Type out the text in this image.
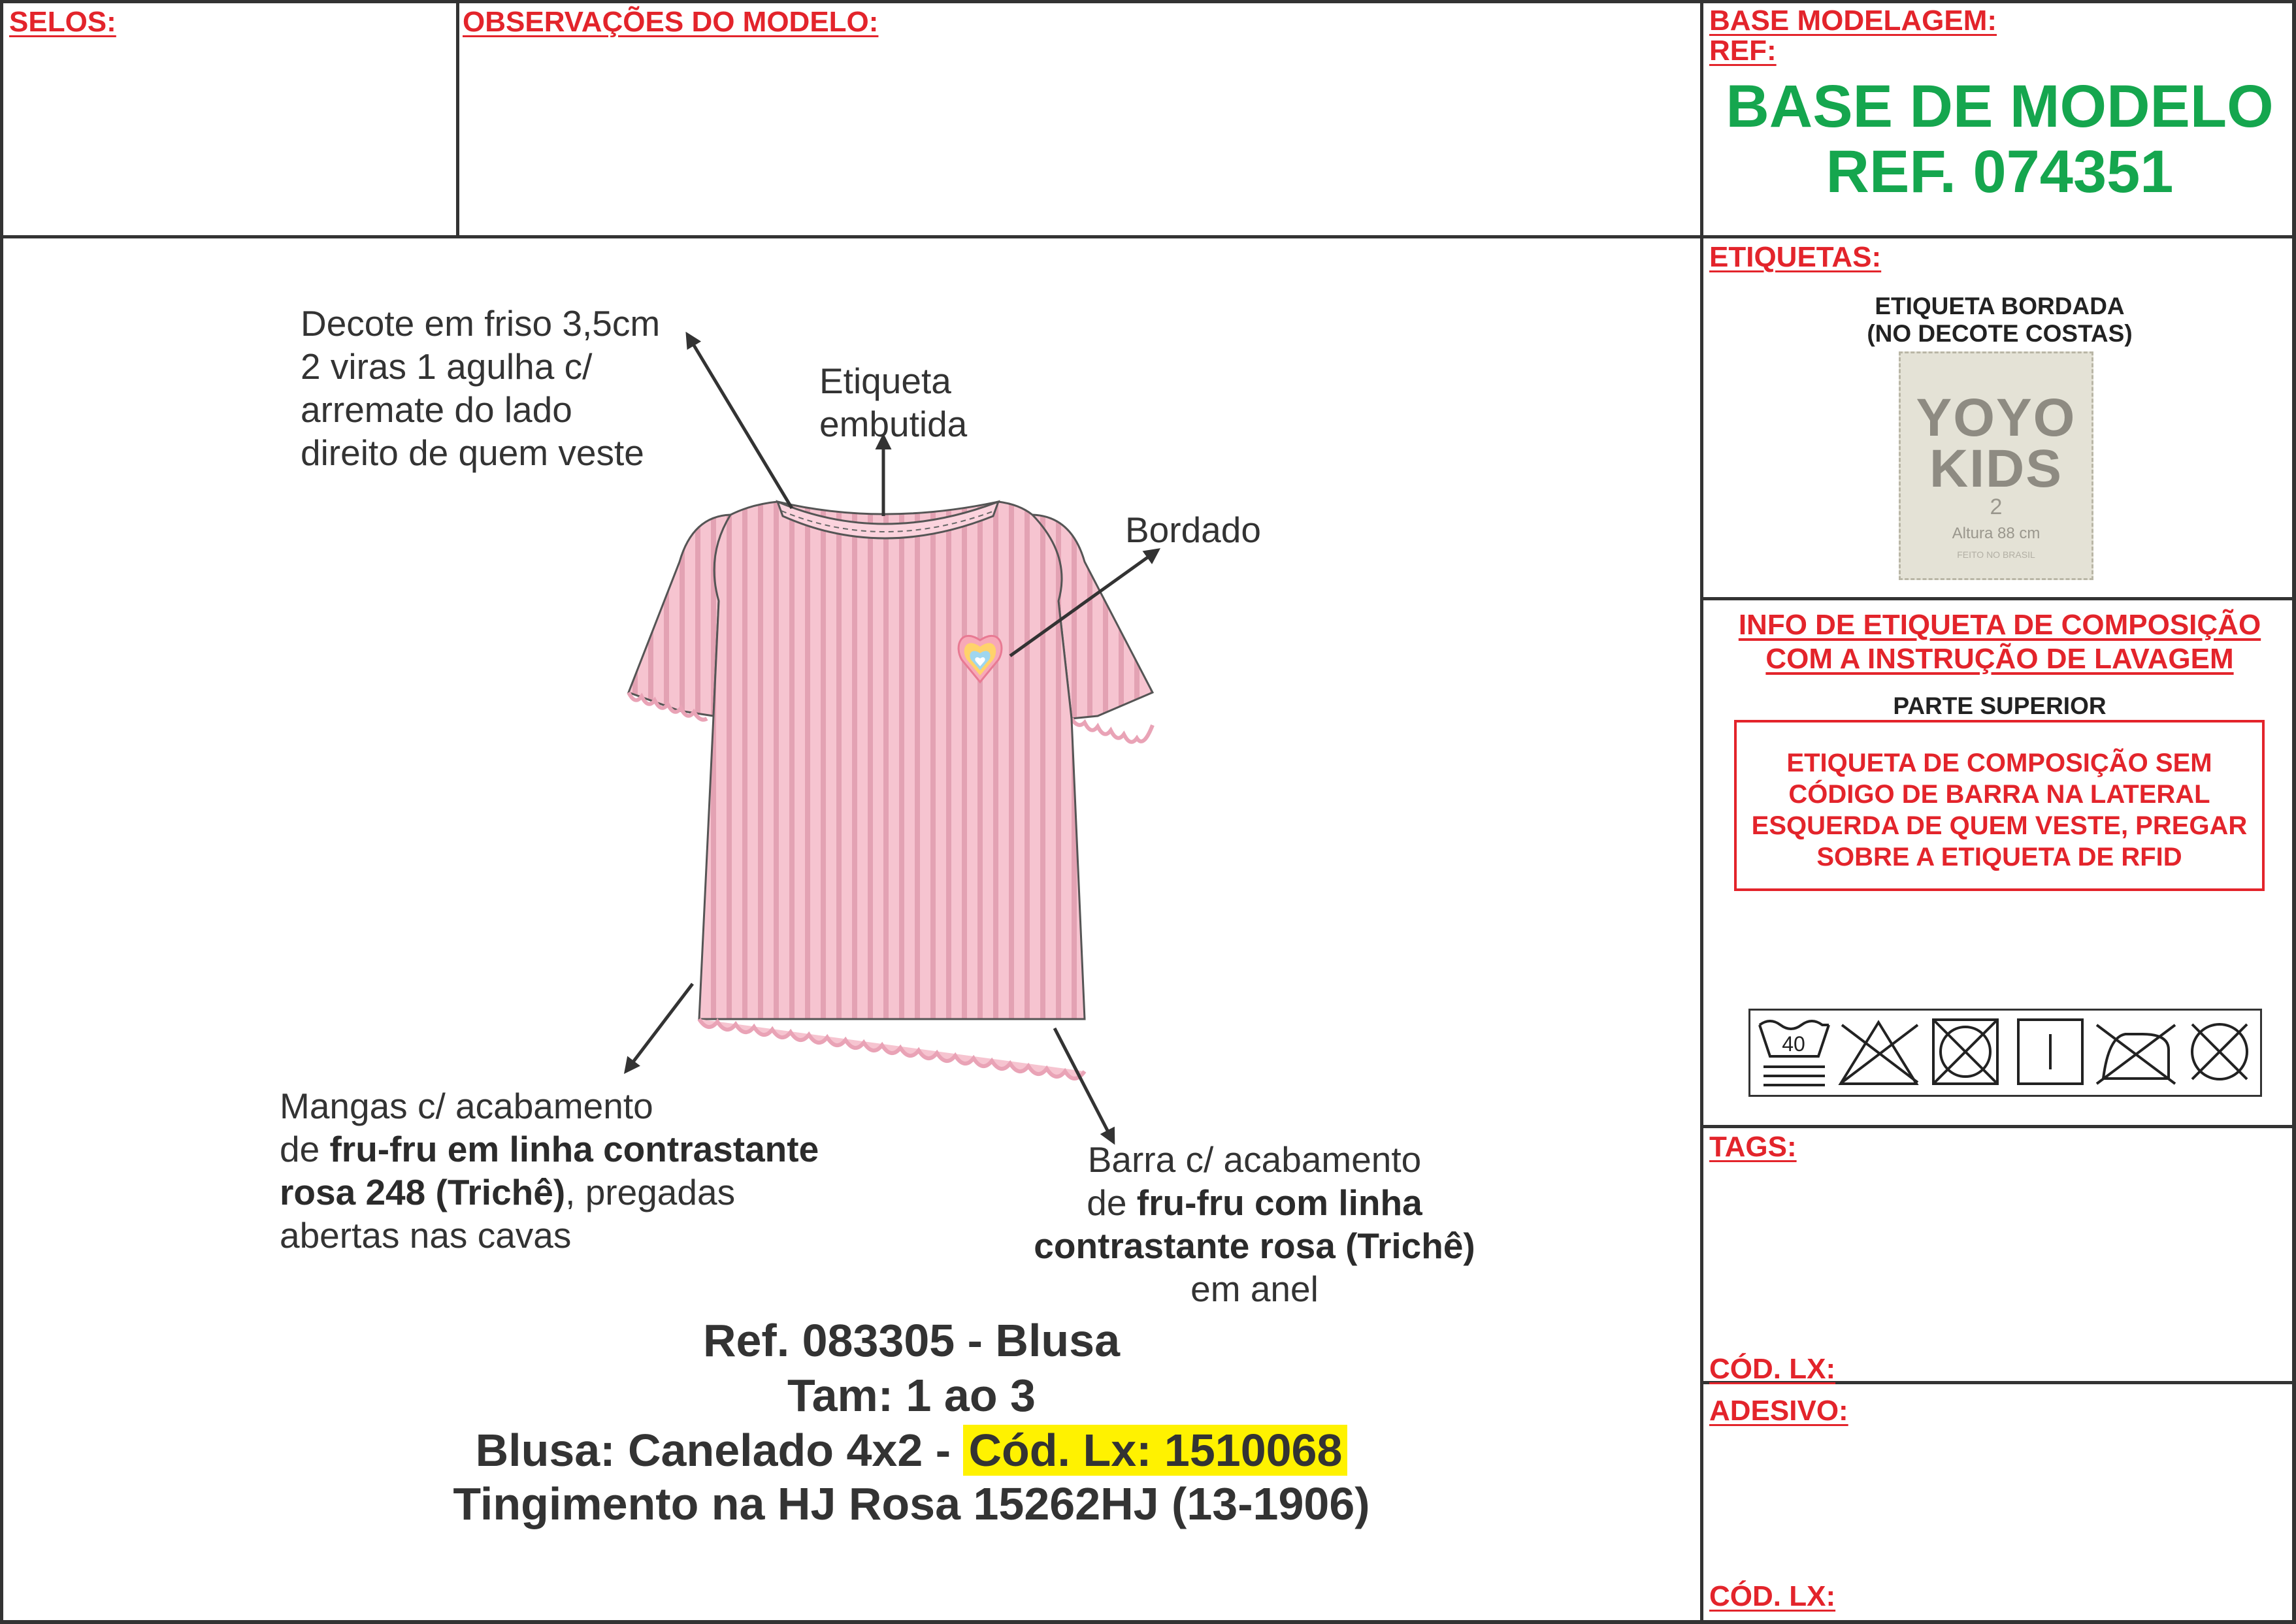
SELOS:	OBSERVAÇÕES DO MODELO:	BASE MODELAGEM:
REF:
ETIQUETAS:
TAGS:
CÓD. LX:
ADESIVO:
CÓD. LX:
BASE DE MODELO
REF. 074351
ETIQUETA BORDADA
(NO DECOTE COSTAS)
YOYO
KIDS
2
Altura 88 cm
FEITO NO BRASIL
INFO DE ETIQUETA DE COMPOSIÇÃO
COM A INSTRUÇÃO DE LAVAGEM
PARTE SUPERIOR
ETIQUETA DE COMPOSIÇÃO SEM
CÓDIGO DE BARRA NA LATERAL
ESQUERDA DE QUEM VESTE, PREGAR
SOBRE A ETIQUETA DE RFID
40
Decote em friso 3,5cm
2 viras 1 agulha c/
arremate do lado
direito de quem veste
Etiqueta
embutida
Bordado
Mangas c/ acabamento
de fru-fru em linha contrastante
rosa 248 (Trichê), pregadas
abertas nas cavas
Barra c/ acabamento
de fru-fru com linha
contrastante rosa (Trichê)
em anel
Ref. 083305 - Blusa
Tam: 1 ao 3
Blusa: Canelado 4x2 - Cód. Lx: 1510068
Tingimento na HJ Rosa 15262HJ (13-1906)
